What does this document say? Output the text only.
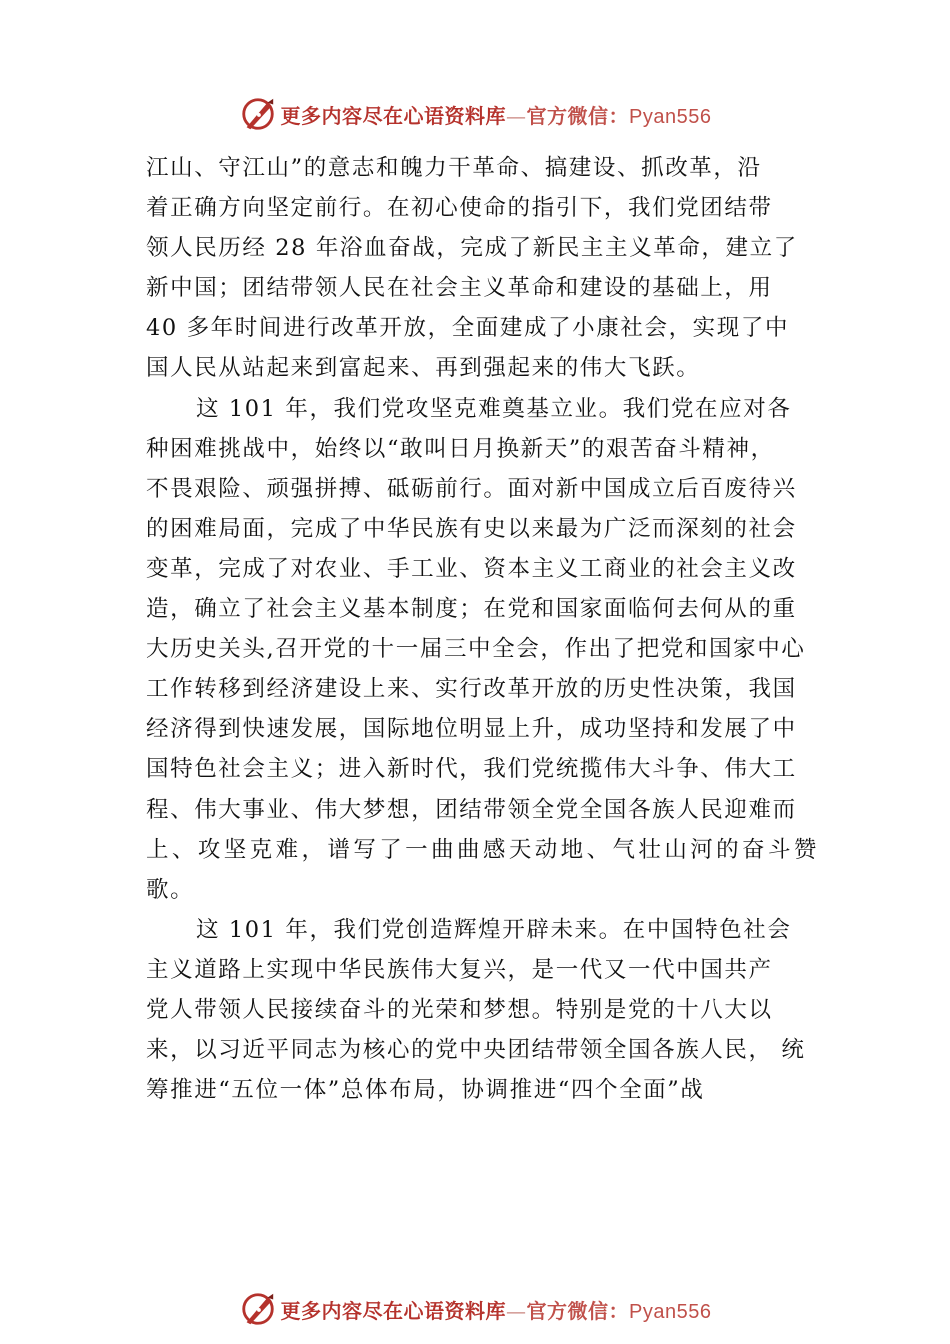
更多内容尽在心语资料库—官方微信：Pyan556

江山、守江山”的意志和魄力干革命、搞建设、抓改革，沿
着正确方向坚定前行。在初心使命的指引下，我们党团结带
领人民历经 28 年浴血奋战，完成了新民主主义革命，建立了
新中国；团结带领人民在社会主义革命和建设的基础上，用
40 多年时间进行改革开放，全面建成了小康社会，实现了中
国人民从站起来到富起来、再到强起来的伟大飞跃。

这 101 年，我们党攻坚克难奠基立业。我们党在应对各
种困难挑战中，始终以“敢叫日月换新天”的艰苦奋斗精神，
不畏艰险、顽强拼搏、砥砺前行。面对新中国成立后百废待兴
的困难局面，完成了中华民族有史以来最为广泛而深刻的社会
变革，完成了对农业、手工业、资本主义工商业的社会主义改
造，确立了社会主义基本制度；在党和国家面临何去何从的重
大历史关头,召开党的十一届三中全会，作出了把党和国家中心
工作转移到经济建设上来、实行改革开放的历史性决策，我国
经济得到快速发展，国际地位明显上升，成功坚持和发展了中
国特色社会主义；进入新时代，我们党统揽伟大斗争、伟大工
程、伟大事业、伟大梦想，团结带领全党全国各族人民迎难而
上、攻坚克难，谱写了一曲曲感天动地、气壮山河的奋斗赞歌。

这 101 年，我们党创造辉煌开辟未来。在中国特色社会
主义道路上实现中华民族伟大复兴，是一代又一代中国共产
党人带领人民接续奋斗的光荣和梦想。特别是党的十八大以
来，以习近平同志为核心的党中央团结带领全国各族人民， 统
筹推进“五位一体”总体布局，协调推进“四个全面”战

更多内容尽在心语资料库—官方微信：Pyan556
